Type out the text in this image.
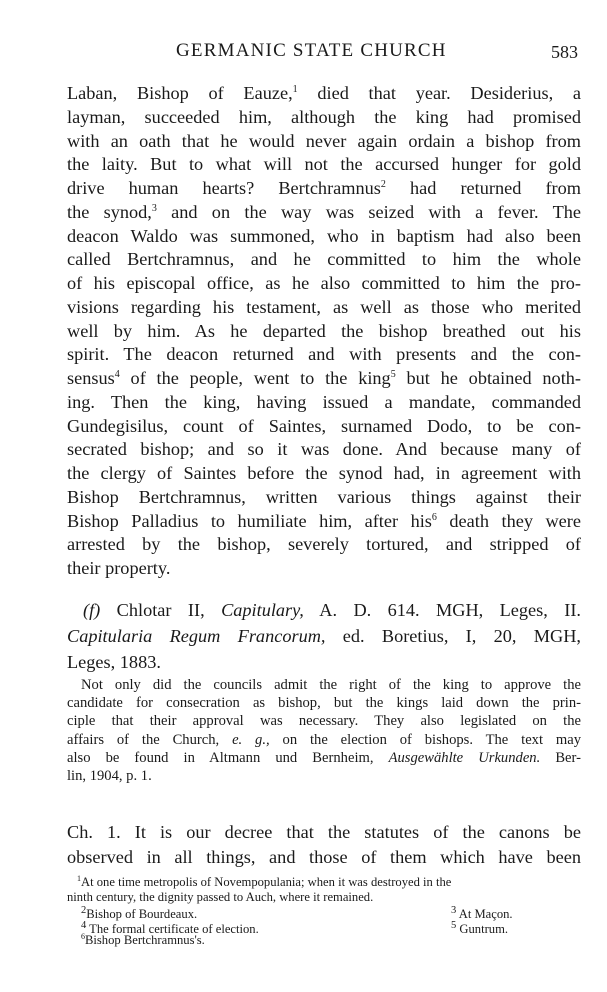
GERMANIC STATE CHURCH	583
Laban, Bishop of Eauze,$^1$ died that year. Desiderius, a
layman, succeeded him, although the king had promised
with an oath that he would never again ordain a bishop from
the laity. But to what will not the accursed hunger for gold
drive human hearts? Bertchramnus$^2$ had returned from
the synod,$^3$ and on the way was seized with a fever. The
deacon Waldo was summoned, who in baptism had also been
called Bertchramnus, and he committed to him the whole
of his episcopal office, as he also committed to him the pro-
visions regarding his testament, as well as those who merited
well by him. As he departed the bishop breathed out his
spirit. The deacon returned and with presents and the con-
sensus$^4$ of the people, went to the king$^5$ but he obtained noth-
ing. Then the king, having issued a mandate, commanded
Gundegisilus, count of Saintes, surnamed Dodo, to be con-
secrated bishop; and so it was done. And because many of
the clergy of Saintes before the synod had, in agreement with
Bishop Bertchramnus, written various things against their
Bishop Palladius to humiliate him, after his$^6$ death they were
arrested by the bishop, severely tortured, and stripped of
their property.
(f) Chlotar II, Capitulary, A. D. 614. MGH, Leges, II.
Capitularia Regum Francorum, ed. Boretius, I, 20, MGH,
Leges, 1883.
Not only did the councils admit the right of the king to approve the
candidate for consecration as bishop, but the kings laid down the prin-
ciple that their approval was necessary. They also legislated on the
affairs of the Church, e. g., on the election of bishops. The text may
also be found in Altmann und Bernheim, Ausgewählte Urkunden. Ber-
lin, 1904, p. 1.
Ch. 1. It is our decree that the statutes of the canons be
observed in all things, and those of them which have been
$^1$At one time metropolis of Novempopulania; when it was destroyed in the
ninth century, the dignity passed to Auch, where it remained.
$^2$Bishop of Bourdeaux.	$^3$ At Maçon.
$^4$ The formal certificate of election.	$^5$ Guntrum.
$^6$Bishop Bertchramnus's.
